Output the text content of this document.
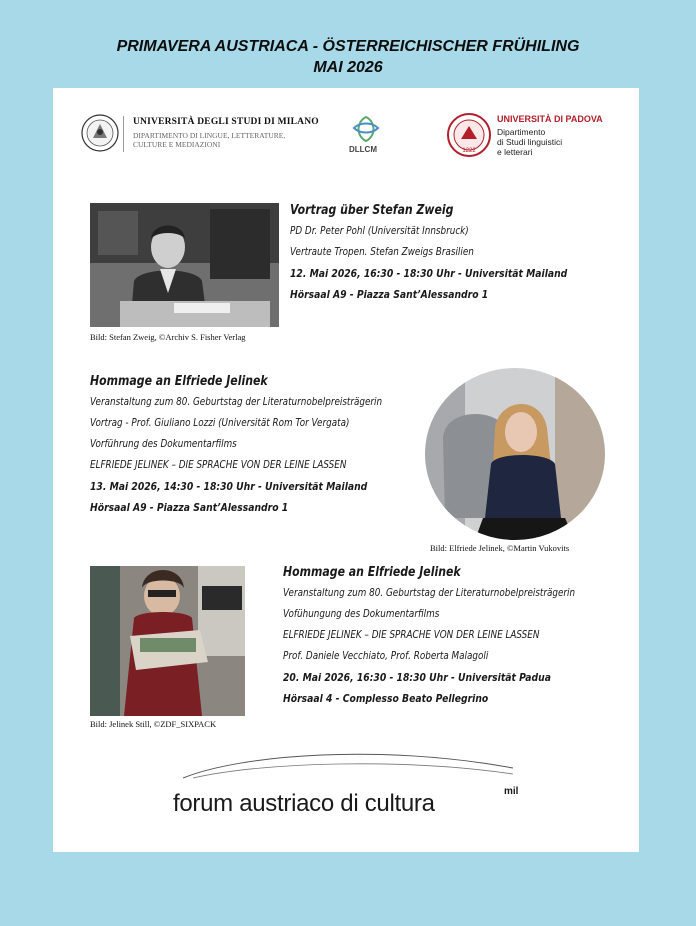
PRIMAVERA AUSTRIACA - ÖSTERREICHISCHER FRÜHILING
MAI 2026
UNIVERSITÀ DEGLI STUDI DI MILANO
DIPARTIMENTO DI LINGUE, LETTERATURE,
CULTURE E MEDIAZIONI
DLLCM	1222
UNIVERSITÀ DI PADOVA
Dipartimento
di Studi linguistici
e letterari
Bild: Stefan Zweig, ©Archiv S. Fisher Verlag
Vortrag über Stefan Zweig
PD Dr. Peter Pohl (Universität Innsbruck)
Vertraute Tropen. Stefan Zweigs Brasilien
12. Mai 2026, 16:30 - 18:30 Uhr - Universität Mailand
Hörsaal A9 - Piazza Sant’Alessandro 1
Hommage an Elfriede Jelinek
Veranstaltung zum 80. Geburtstag der Literaturnobelpreisträgerin
Vortrag - Prof. Giuliano Lozzi (Universität Rom Tor Vergata)
Vorführung des Dokumentarfilms
ELFRIEDE JELINEK – DIE SPRACHE VON DER LEINE LASSEN
13. Mai 2026, 14:30 - 18:30 Uhr - Universität Mailand
Hörsaal A9 - Piazza Sant’Alessandro 1
Bild: Elfriede Jelinek, ©Martin Vukovits
Bild: Jelinek Still, ©ZDF_SIXPACK
Hommage an Elfriede Jelinek
Veranstaltung zum 80. Geburtstag der Literaturnobelpreisträgerin
Vofühungung des Dokumentarfilms
ELFRIEDE JELINEK – DIE SPRACHE VON DER LEINE LASSEN
Prof. Daniele Vecchiato, Prof. Roberta Malagoli
20. Mai 2026, 16:30 - 18:30 Uhr - Universität Padua
Hörsaal 4 - Complesso Beato Pellegrino
forum austriaco di cultura	mil
